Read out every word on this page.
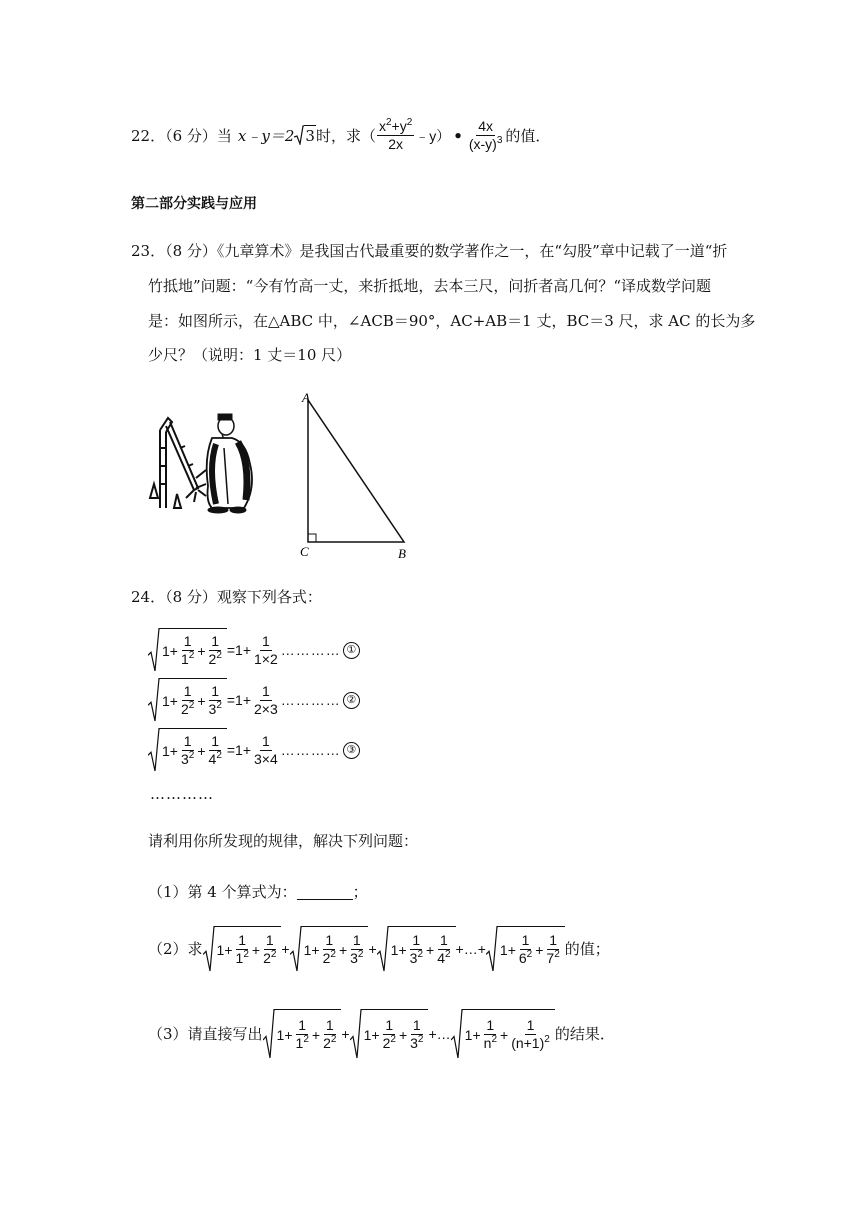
22．（6 分）当 x﹣y＝2 3 时，求（ $\frac{x^2+y^2}{2x}$ ﹣y） • $\frac{4x}{(x-y)^3}$ 的值．
第二部分实践与应用
23．（8 分）《九章算术》是我国古代最重要的数学著作之一，在“勾股”章中记载了一道“折
竹抵地”问题：“今有竹高一丈，来折抵地，去本三尺，问折者高几何？“译成数学问题
是：如图所示，在△ABC 中，∠ACB＝90°，AC+AB＝1 丈，BC＝3 尺，求 AC 的长为多
少尺？（说明：1 丈＝10 尺）
A
C	B
24．（8 分）观察下列各式：
$1+ \frac{1}{1^2} + \frac{1}{2^2} =1+ \frac{1}{1\times 2}$ ………… ①
$1+ \frac{1}{2^2} + \frac{1}{3^2} =1+ \frac{1}{2\times 3}$ ………… ②
$1+ \frac{1}{3^2} + \frac{1}{4^2} =1+ \frac{1}{3\times 4}$ ………… ③
…………
请利用你所发现的规律，解决下列问题：
（1）第 4 个算式为：	；
（2）求 $1+ \frac{1}{1^2} + \frac{1}{2^2} + 1+ \frac{1}{2^2} + \frac{1}{3^2} + 1+ \frac{1}{3^2} + \frac{1}{4^2}$ +…+ $1+ \frac{1}{6^2} + \frac{1}{7^2}$ 的值；
（3）请直接写出 $1+ \frac{1}{1^2} + \frac{1}{2^2} + 1+ \frac{1}{2^2} + \frac{1}{3^2}$ +… $1+ \frac{1}{n^2} + \frac{1}{(n+1)^2}$ 的结果．
